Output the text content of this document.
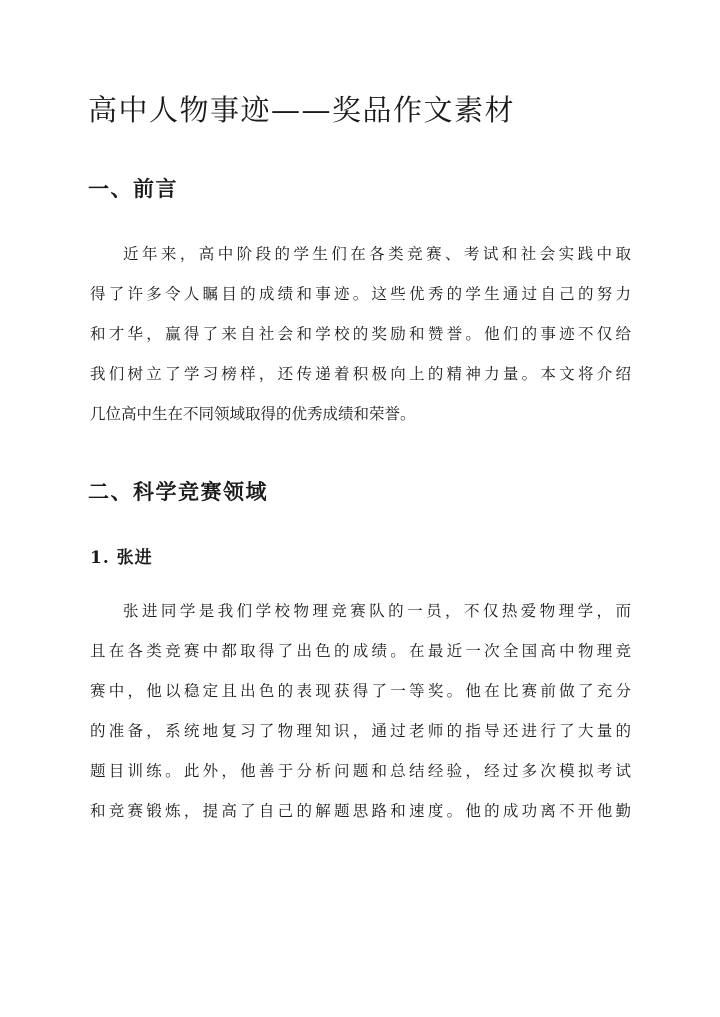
高中人物事迹——奖品作文素材
一、前言
近年来，高中阶段的学生们在各类竞赛、考试和社会实践中取
得了许多令人瞩目的成绩和事迹。这些优秀的学生通过自己的努力
和才华，赢得了来自社会和学校的奖励和赞誉。他们的事迹不仅给
我们树立了学习榜样，还传递着积极向上的精神力量。本文将介绍
几位高中生在不同领域取得的优秀成绩和荣誉。
二、科学竞赛领域
1. 张进
张进同学是我们学校物理竞赛队的一员，不仅热爱物理学，而
且在各类竞赛中都取得了出色的成绩。在最近一次全国高中物理竞
赛中，他以稳定且出色的表现获得了一等奖。他在比赛前做了充分
的准备，系统地复习了物理知识，通过老师的指导还进行了大量的
题目训练。此外，他善于分析问题和总结经验，经过多次模拟考试
和竞赛锻炼，提高了自己的解题思路和速度。他的成功离不开他勤
